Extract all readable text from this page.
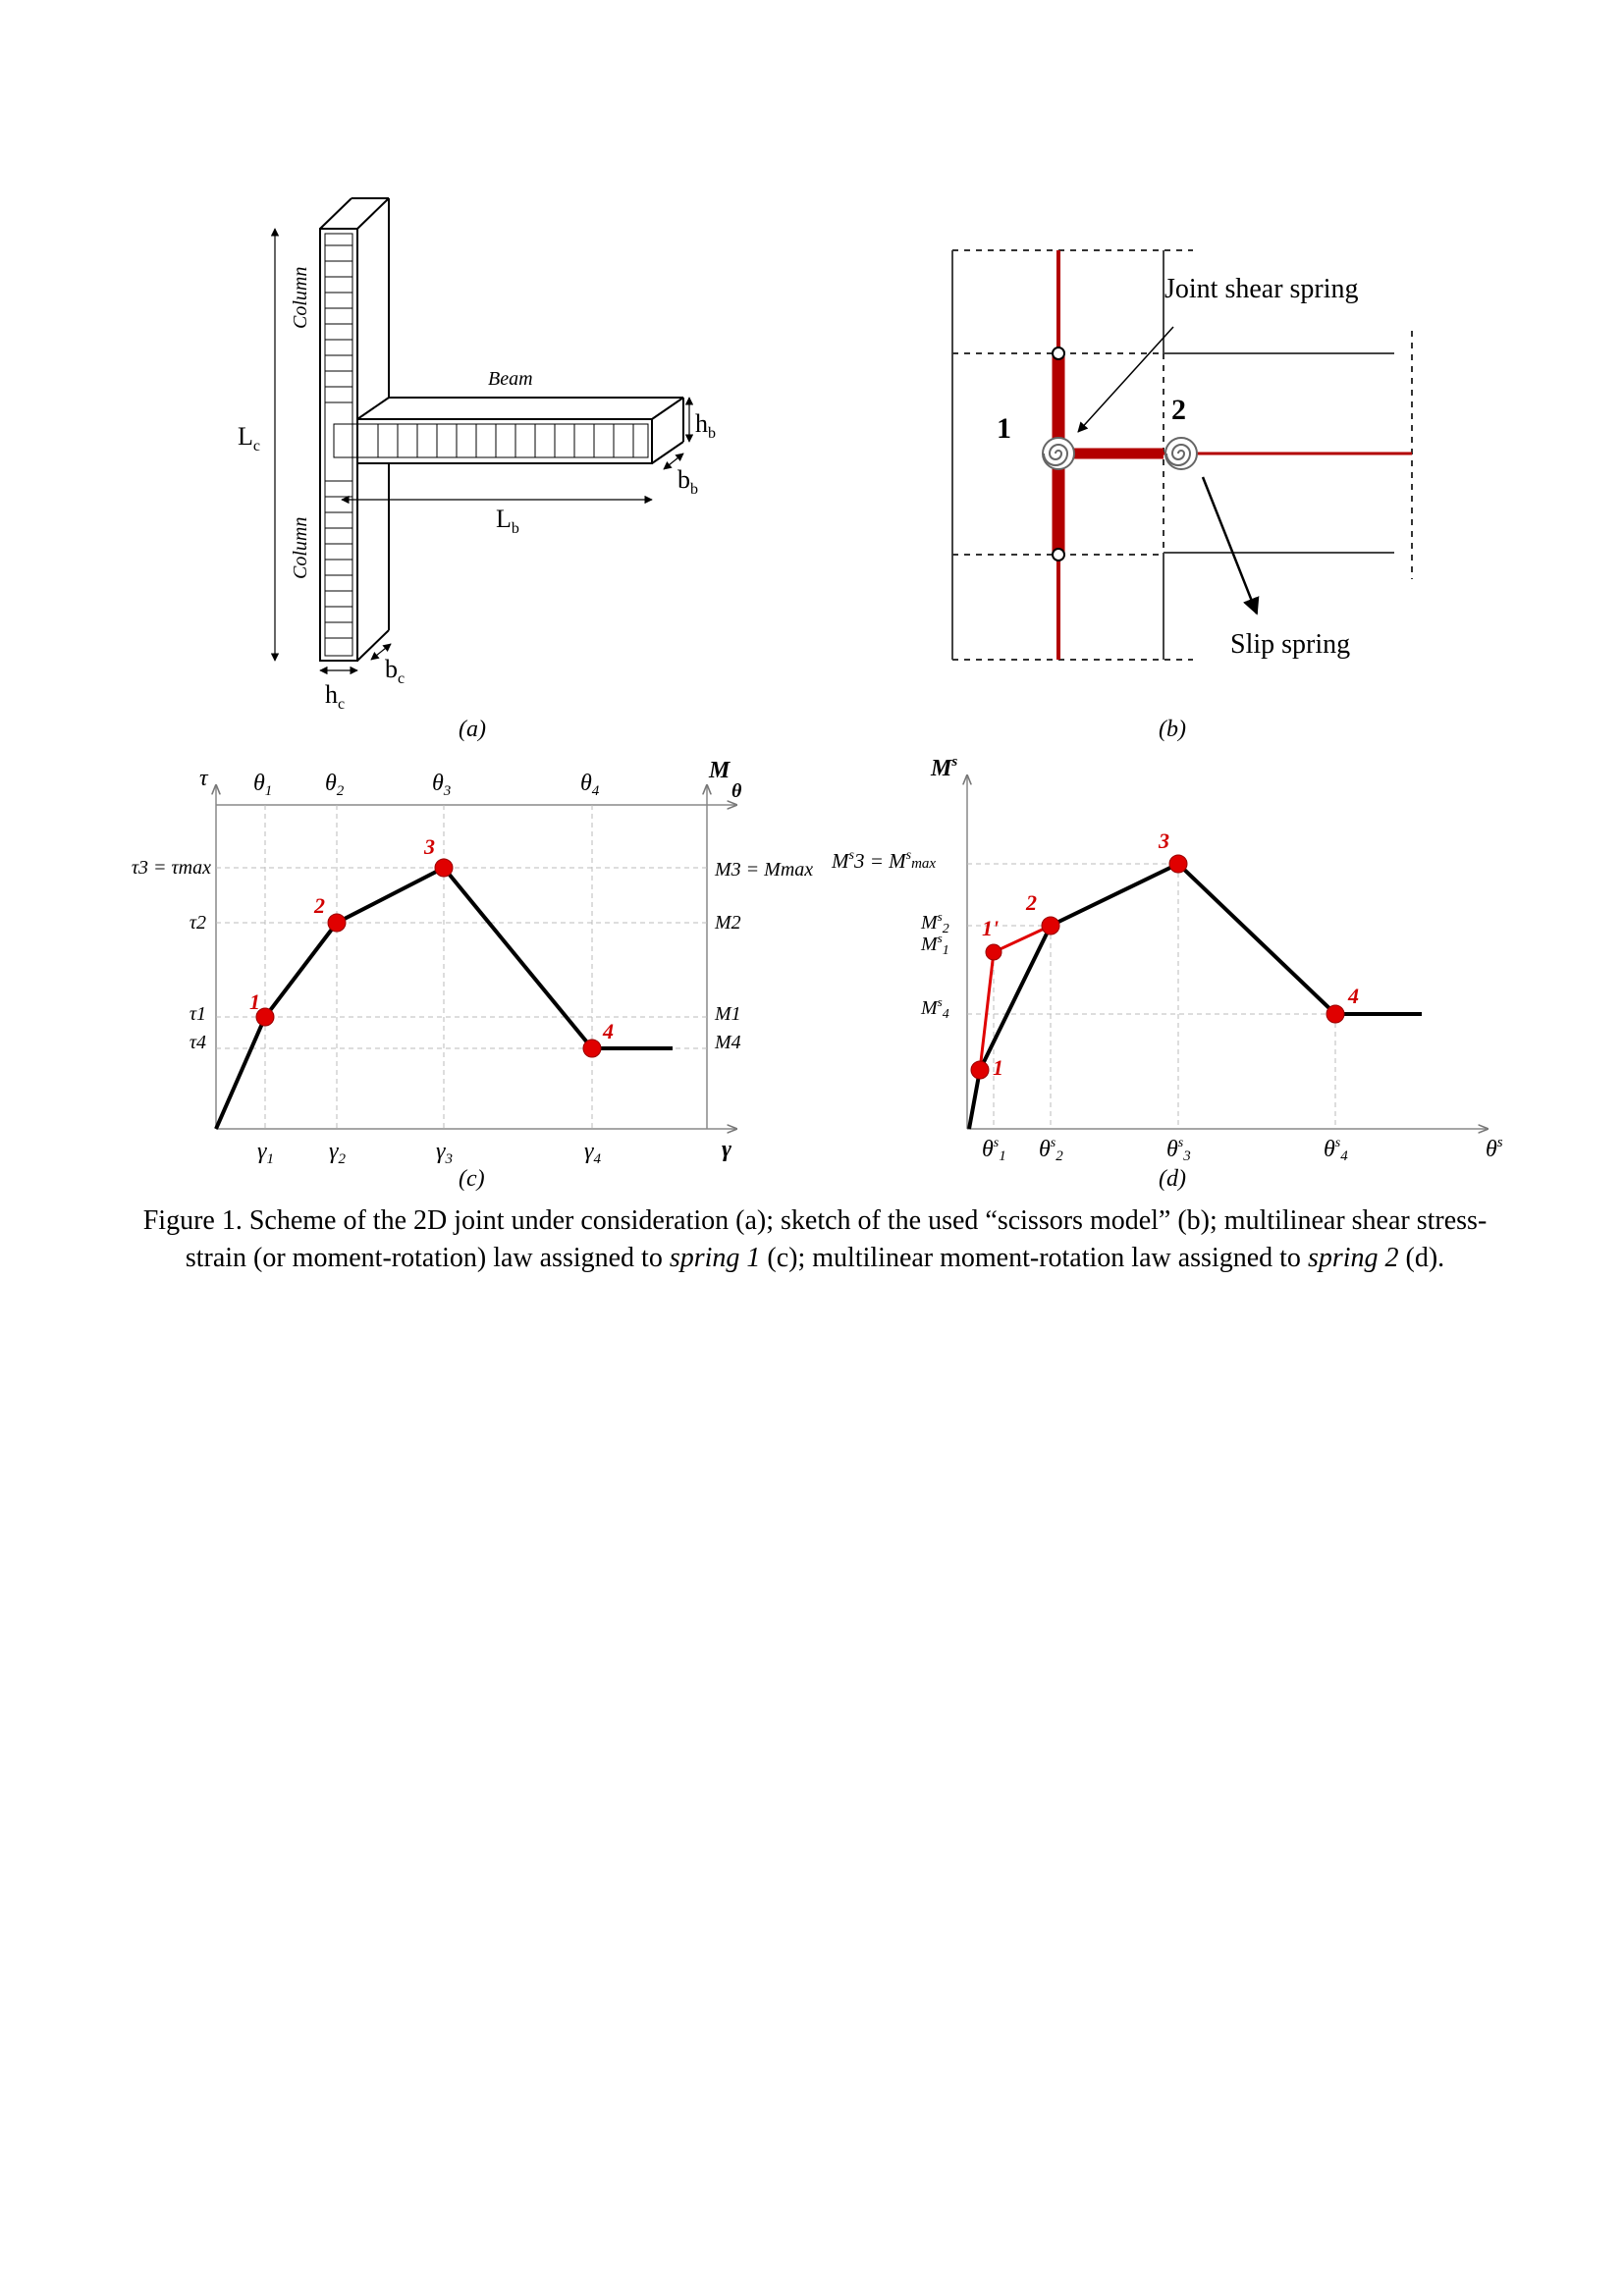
Column
Column
Beam
$L_c$
$L_b$
$h_b$
$b_b$
$h_c$
$b_c$
(a)
Joint shear spring
Slip spring
1
2
(b)
1
2
3
4
τ	M
θ
γ
$\theta_1$ $\theta_2$	$\theta_3$	$\theta_4$
$\gamma_1$ $\gamma_2$	$\gamma_3$	$\gamma_4$
τ3 = τmax
τ2
τ1
τ4
M3 = Mmax
M2
M1
M4
(c)
1
1'
2
3
4
$M^s$
$\theta^s$
$M^s3 = M^s_{max}$
$M^s_2$
$M^s_1$
$M^s_4$
$\theta^s_1$ $\theta^s_2$	$\theta^s_3$	$\theta^s_4$
(d)
Figure 1. Scheme of the 2D joint under consideration (a); sketch of the used “scissors model” (b); multilinear shear stress-strain (or moment-rotation) law assigned to spring 1 (c); multilinear moment-rotation law assigned to spring 2 (d).
